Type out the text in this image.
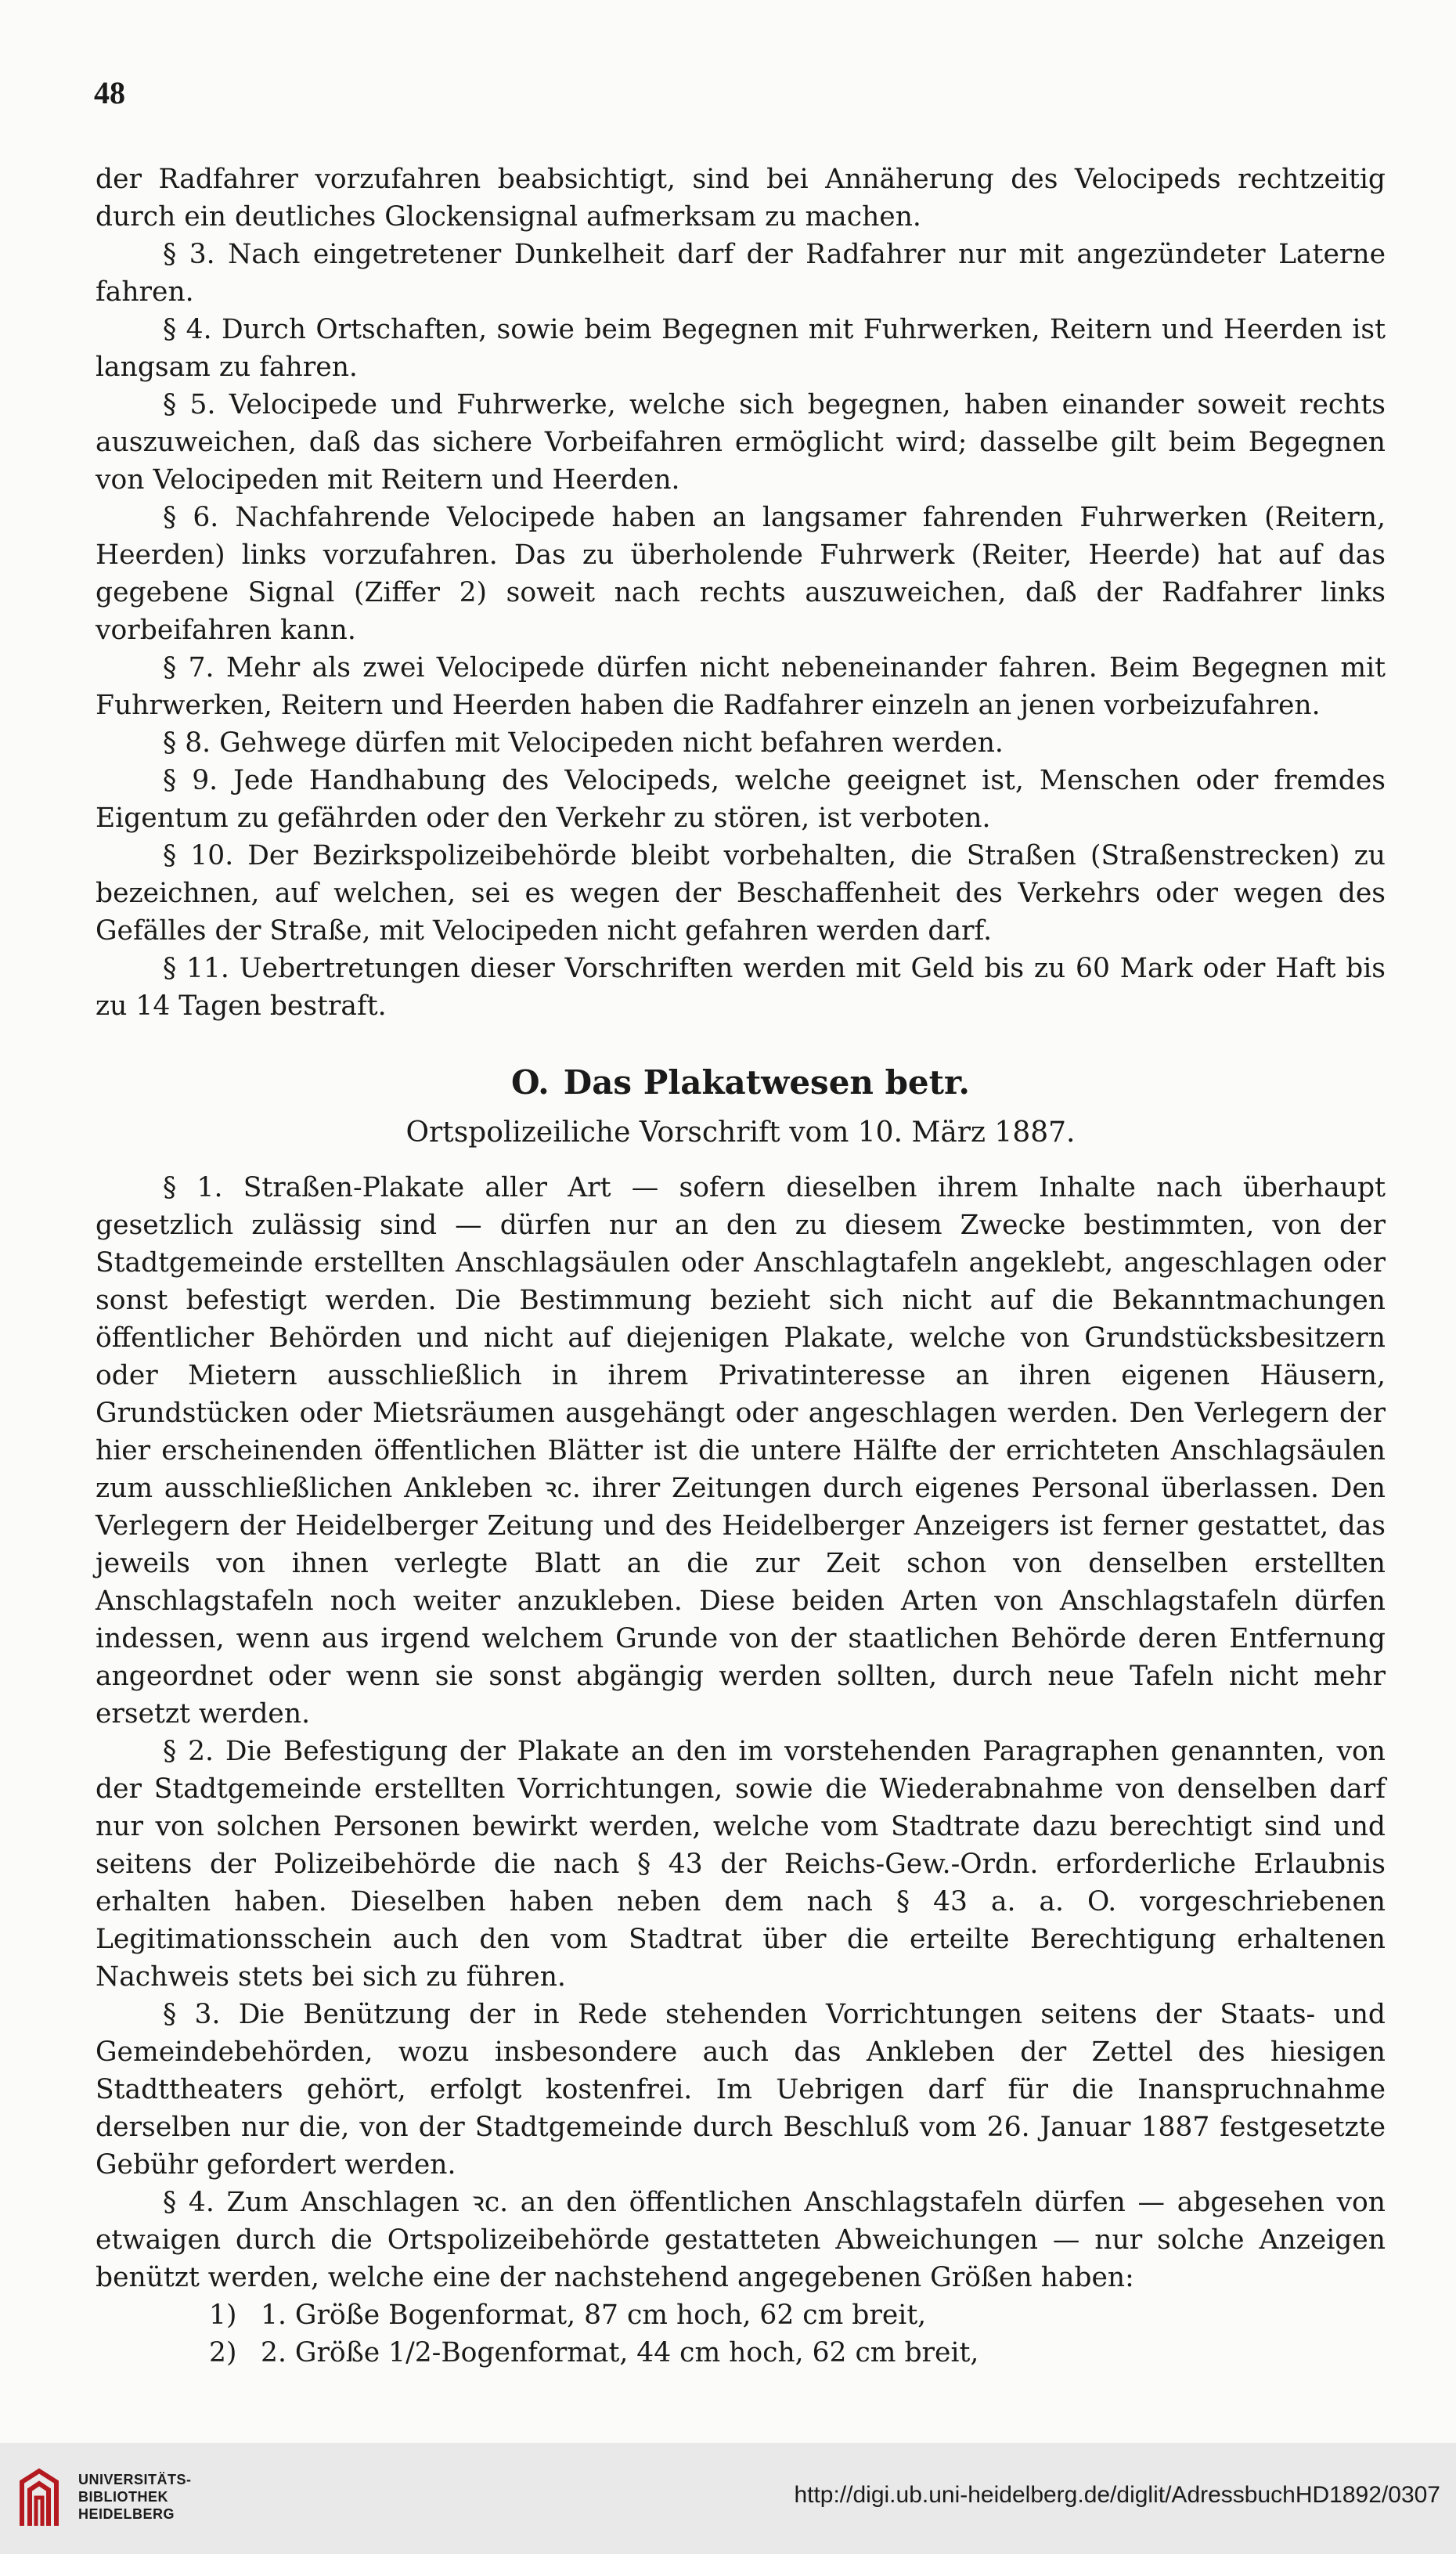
48

der Radfahrer vorzufahren beabsichtigt, sind bei Annäherung des Velocipeds rechtzeitig durch ein deutliches Glockensignal aufmerksam zu machen.

§ 3. Nach eingetretener Dunkelheit darf der Radfahrer nur mit angezündeter Laterne fahren.

§ 4. Durch Ortschaften, sowie beim Begegnen mit Fuhrwerken, Reitern und Heerden ist langsam zu fahren.

§ 5. Velocipede und Fuhrwerke, welche sich begegnen, haben einander soweit rechts auszuweichen, daß das sichere Vorbeifahren ermöglicht wird; dasselbe gilt beim Begegnen von Velocipeden mit Reitern und Heerden.

§ 6. Nachfahrende Velocipede haben an langsamer fahrenden Fuhrwerken (Reitern, Heerden) links vorzufahren. Das zu überholende Fuhrwerk (Reiter, Heerde) hat auf das gegebene Signal (Ziffer 2) soweit nach rechts auszuweichen, daß der Radfahrer links vorbeifahren kann.

§ 7. Mehr als zwei Velocipede dürfen nicht nebeneinander fahren. Beim Begegnen mit Fuhrwerken, Reitern und Heerden haben die Radfahrer einzeln an jenen vorbeizufahren.

§ 8. Gehwege dürfen mit Velocipeden nicht befahren werden.

§ 9. Jede Handhabung des Velocipeds, welche geeignet ist, Menschen oder fremdes Eigentum zu gefährden oder den Verkehr zu stören, ist verboten.

§ 10. Der Bezirkspolizeibehörde bleibt vorbehalten, die Straßen (Straßenstrecken) zu bezeichnen, auf welchen, sei es wegen der Beschaffenheit des Verkehrs oder wegen des Gefälles der Straße, mit Velocipeden nicht gefahren werden darf.

§ 11. Uebertretungen dieser Vorschriften werden mit Geld bis zu 60 Mark oder Haft bis zu 14 Tagen bestraft.

O. Das Plakatwesen betr.
Ortspolizeiliche Vorschrift vom 10. März 1887.

§ 1. Straßen-Plakate aller Art — sofern dieselben ihrem Inhalte nach überhaupt gesetzlich zulässig sind — dürfen nur an den zu diesem Zwecke bestimmten, von der Stadtgemeinde erstellten Anschlagsäulen oder Anschlagtafeln angeklebt, angeschlagen oder sonst befestigt werden. Die Bestimmung bezieht sich nicht auf die Bekanntmachungen öffentlicher Behörden und nicht auf diejenigen Plakate, welche von Grundstücksbesitzern oder Mietern ausschließlich in ihrem Privatinteresse an ihren eigenen Häusern, Grundstücken oder Mietsräumen ausgehängt oder angeschlagen werden. Den Verlegern der hier erscheinenden öffentlichen Blätter ist die untere Hälfte der errichteten Anschlagsäulen zum ausschließlichen Ankleben ꝛc. ihrer Zeitungen durch eigenes Personal überlassen. Den Verlegern der Heidelberger Zeitung und des Heidelberger Anzeigers ist ferner gestattet, das jeweils von ihnen verlegte Blatt an die zur Zeit schon von denselben erstellten Anschlagstafeln noch weiter anzukleben. Diese beiden Arten von Anschlagstafeln dürfen indessen, wenn aus irgend welchem Grunde von der staatlichen Behörde deren Entfernung angeordnet oder wenn sie sonst abgängig werden sollten, durch neue Tafeln nicht mehr ersetzt werden.

§ 2. Die Befestigung der Plakate an den im vorstehenden Paragraphen genannten, von der Stadtgemeinde erstellten Vorrichtungen, sowie die Wiederabnahme von denselben darf nur von solchen Personen bewirkt werden, welche vom Stadtrate dazu berechtigt sind und seitens der Polizeibehörde die nach § 43 der Reichs-Gew.-Ordn. erforderliche Erlaubnis erhalten haben. Dieselben haben neben dem nach § 43 a. a. O. vorgeschriebenen Legitimationsschein auch den vom Stadtrat über die erteilte Berechtigung erhaltenen Nachweis stets bei sich zu führen.

§ 3. Die Benützung der in Rede stehenden Vorrichtungen seitens der Staats- und Gemeindebehörden, wozu insbesondere auch das Ankleben der Zettel des hiesigen Stadttheaters gehört, erfolgt kostenfrei. Im Uebrigen darf für die Inanspruchnahme derselben nur die, von der Stadtgemeinde durch Beschluß vom 26. Januar 1887 festgesetzte Gebühr gefordert werden.

§ 4. Zum Anschlagen ꝛc. an den öffentlichen Anschlagstafeln dürfen — abgesehen von etwaigen durch die Ortspolizeibehörde gestatteten Abweichungen — nur solche Anzeigen benützt werden, welche eine der nachstehend angegebenen Größen haben:

1) 1. Größe Bogenformat, 87 cm hoch, 62 cm breit,

2) 2. Größe 1/2-Bogenformat, 44 cm hoch, 62 cm breit,

UNIVERSITÄTS-
BIBLIOTHEK
HEIDELBERG
http://digi.ub.uni-heidelberg.de/diglit/AdressbuchHD1892/0307
